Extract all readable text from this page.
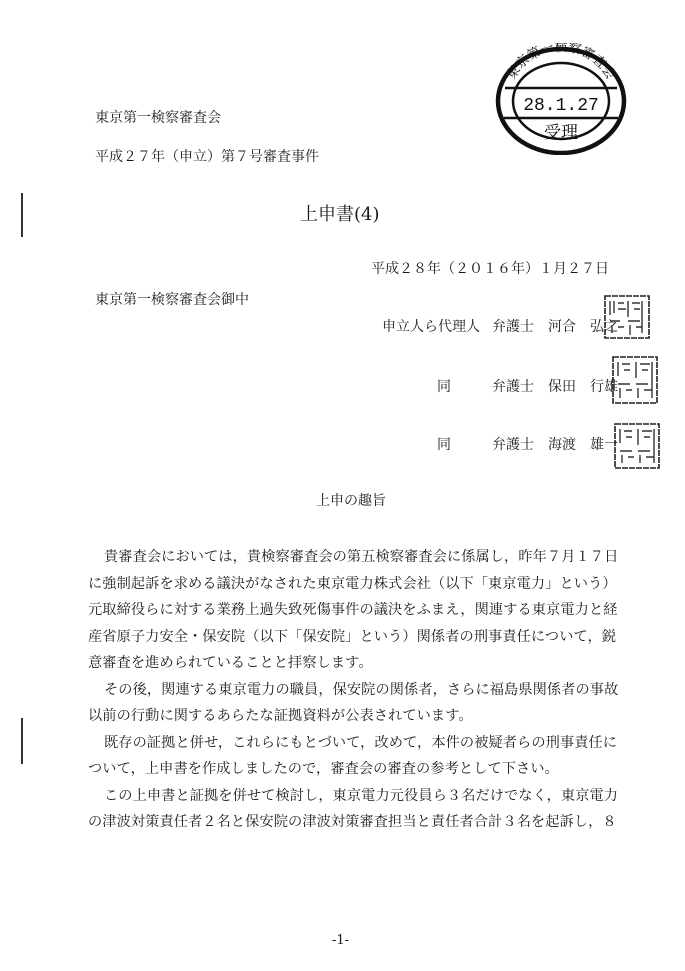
東京第一検察審査会
平成２７年（申立）第７号審査事件
東京第一検察審査会
28.1.27
受理
上申書(4)
平成２８年（２０１６年）１月２７日
東京第一検察審査会御中
申立人ら代理人 弁護士 河合　弘之
同	弁護士 保田　行雄
同	弁護士 海渡　雄一
上申の趣旨
貴審査会においては，貴検察審査会の第五検察審査会に係属し，昨年７月１７日
に強制起訴を求める議決がなされた東京電力株式会社（以下「東京電力」という）
元取締役らに対する業務上過失致死傷事件の議決をふまえ，関連する東京電力と経
産省原子力安全・保安院（以下「保安院」という）関係者の刑事責任について，鋭
意審査を進められていることと拝察します。
その後，関連する東京電力の職員，保安院の関係者，さらに福島県関係者の事故
以前の行動に関するあらたな証拠資料が公表されています。
既存の証拠と併せ，これらにもとづいて，改めて，本件の被疑者らの刑事責任に
ついて，上申書を作成しましたので，審査会の審査の参考として下さい。
この上申書と証拠を併せて検討し，東京電力元役員ら３名だけでなく，東京電力
の津波対策責任者２名と保安院の津波対策審査担当と責任者合計３名を起訴し，８
-1-
